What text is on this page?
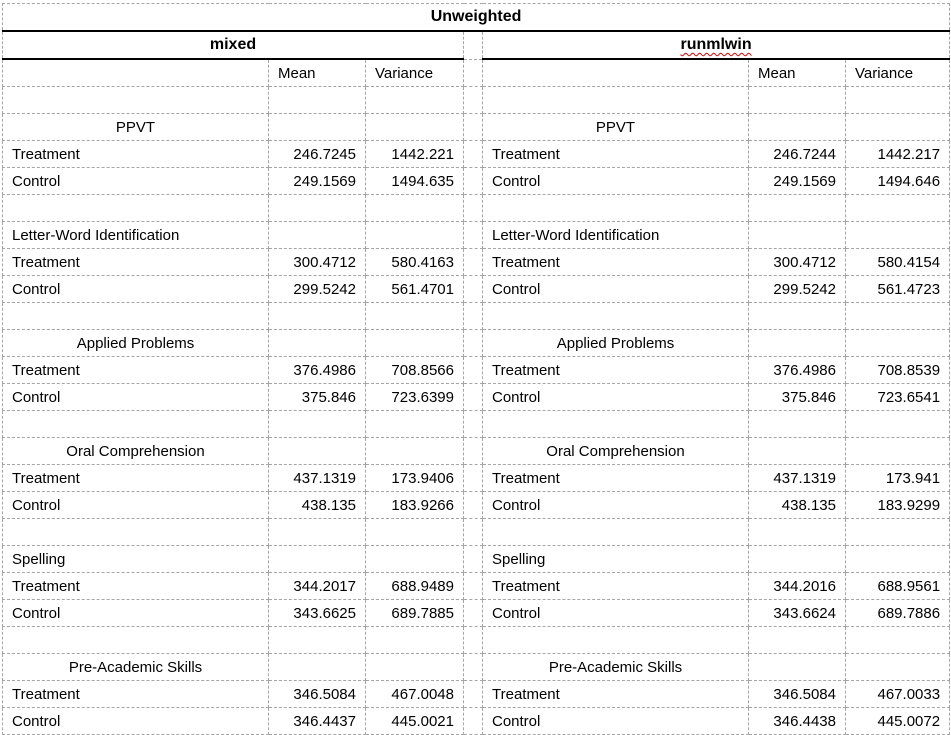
Unweighted						
mixed				runmlwin		
	Mean	Variance			Mean	Variance

PPVT				PPVT		
Treatment	246.7245	1442.221		Treatment	246.7244	1442.217
Control	249.1569	1494.635		Control	249.1569	1494.646

Letter-Word Identification				Letter-Word Identification		
Treatment	300.4712	580.4163		Treatment	300.4712	580.4154
Control	299.5242	561.4701		Control	299.5242	561.4723

Applied Problems				Applied Problems		
Treatment	376.4986	708.8566		Treatment	376.4986	708.8539
Control	375.846	723.6399		Control	375.846	723.6541

Oral Comprehension				Oral Comprehension		
Treatment	437.1319	173.9406		Treatment	437.1319	173.941
Control	438.135	183.9266		Control	438.135	183.9299

Spelling				Spelling		
Treatment	344.2017	688.9489		Treatment	344.2016	688.9561
Control	343.6625	689.7885		Control	343.6624	689.7886

Pre-Academic Skills				Pre-Academic Skills		
Treatment	346.5084	467.0048		Treatment	346.5084	467.0033
Control	346.4437	445.0021		Control	346.4438	445.0072
